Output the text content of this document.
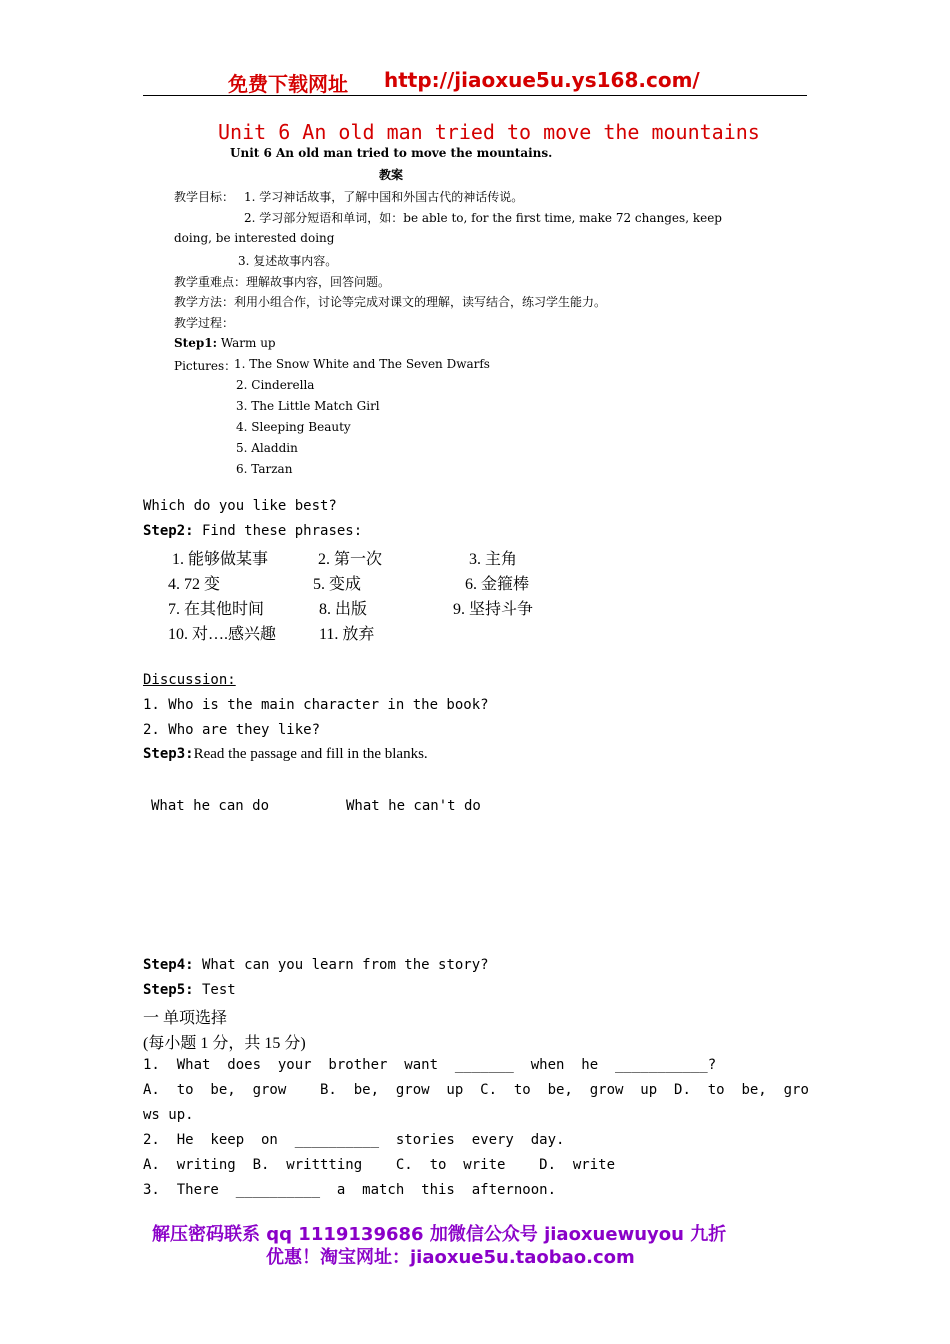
免费下载网址 http://jiaoxue5u.ys168.com/
Unit 6 An old man tried to move the mountains
Unit 6 An old man tried to move the mountains.
教案
教学目标： 1. 学习神话故事，了解中国和外国古代的神话传说。
2. 学习部分短语和单词，如：be able to, for the first time, make 72 changes, keep
doing, be interested doing
3. 复述故事内容。
教学重难点：理解故事内容，回答问题。
教学方法：利用小组合作，讨论等完成对课文的理解，读写结合，练习学生能力。
教学过程：
Step1: Warm up
Pictures：
1. The Snow White and The Seven Dwarfs
2. Cinderella
3. The Little Match Girl
4. Sleeping Beauty
5. Aladdin
6. Tarzan
Which do you like best?
Step2: Find these phrases:
1. 能够做某事	2. 第一次	3. 主角
4. 72 变	5. 变成	6. 金箍棒
7. 在其他时间	8. 出版	9. 坚持斗争
10. 对….感兴趣	11. 放弃
Discussion:
1. Who is the main character in the book?
2. Who are they like?
Step3:Read the passage and fill in the blanks.
What he can do	What he can't do
Step4: What can you learn from the story?
Step5: Test
一 单项选择
(每小题 1 分，共 15 分)
1.  What  does  your  brother  want  _______  when  he  ___________?
A.  to  be,  grow    B.  be,  grow  up  C.  to  be,  grow  up  D.  to  be,  gro
ws up.
2.  He  keep  on  __________  stories  every  day.
A.  writing  B.  writtting    C.  to  write    D.  write
3.  There  __________  a  match  this  afternoon.
解压密码联系 qq 1119139686 加微信公众号 jiaoxuewuyou 九折
优惠！淘宝网址：jiaoxue5u.taobao.com
